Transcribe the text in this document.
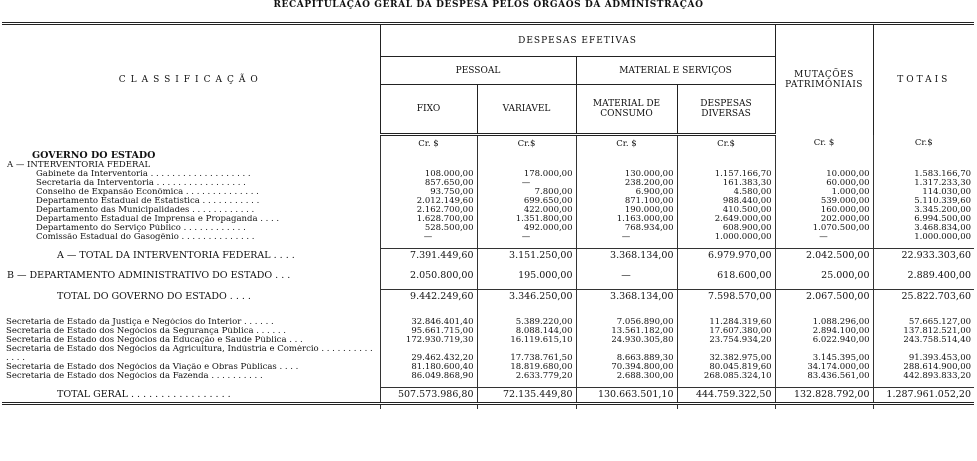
RECAPITULAÇÃO GERAL DA DESPESA PELOS ORGÃOS DA ADMINISTRAÇÃO
CLASSIFICAÇÃO	DESPESAS EFETIVAS				MUTAÇÕES PATRIMONIAIS	TOTAIS
	PESSOAL		MATERIAL E SERVIÇOS			
	FIXO	VARIAVEL	MATERIAL DE CONSUMO	DESPESAS DIVERSAS		
GOVERNO DO ESTADO	Cr. $	Cr.$	Cr. $	Cr.$	Cr. $	Cr.$
A — INTERVENTORIA FEDERAL						
Gabinete da Interventoria . . . . . . . . . . . . . . . . . . .	108.000,00	178.000,00	130.000,00	1.157.166,70	10.000,00	1.583.166,70
Secretaria da Interventoria . . . . . . . . . . . . . . . . .	857.650,00	—	238.200,00	161.383,30	60.000,00	1.317.233,30
Conselho de Expansão Econômica . . . . . . . . . . . . . .	93.750,00	7.800,00	6.900,00	4.580,00	1.000,00	114.030,00
Departamento Estadual de Estatística . . . . . . . . . . .	2.012.149,60	699.650,00	871.100,00	988.440,00	539.000,00	5.110.339,60
Departamento das Municipalidades . . . . . . . . . . . .	2.162.700,00	422.000,00	190.000,00	410.500,00	160.000,00	3.345.200,00
Departamento Estadual de Imprensa e Propaganda . . . .	1.628.700,00	1.351.800,00	1.163.000,00	2.649.000,00	202.000,00	6.994.500,00
Departamento do Serviço Público . . . . . . . . . . . .	528.500,00	492.000,00	768.934,00	608.900,00	1.070.500,00	3.468.834,00
Comissão Estadual do Gasogênio . . . . . . . . . . . . . .	—	—	—	1.000.000,00	—	1.000.000,00

A — TOTAL DA INTERVENTORIA FEDERAL . . . .	7.391.449,60	3.151.250,00	3.368.134,00	6.979.970,00	2.042.500,00	22.933.303,60

B — DEPARTAMENTO ADMINISTRATIVO DO ESTADO . . .	2.050.800,00	195.000,00	—	618.600,00	25.000,00	2.889.400,00

TOTAL DO GOVERNO DO ESTADO . . . .	9.442.249,60	3.346.250,00	3.368.134,00	7.598.570,00	2.067.500,00	25.822.703,60

Secretaria de Estado da Justiça e Negócios do Interior . . . . . .	32.846.401,40	5.389.220,00	7.056.890,00	11.284.319,60	1.088.296,00	57.665.127,00
Secretaria de Estado dos Negócios da Segurança Pública . . . . . .	95.661.715,00	8.088.144,00	13.561.182,00	17.607.380,00	2.894.100,00	137.812.521,00
Secretaria de Estado dos Negócios da Educação e Saude Pública . . .	172.930.719,30	16.119.615,10	24.930.305,80	23.754.934,20	6.022.940,00	243.758.514,40
Secretaria de Estado dos Negócios da Agricultura, Indústria e Comércio . . . . . . . . . . . . . .	29.462.432,20	17.738.761,50	8.663.889,30	32.382.975,00	3.145.395,00	91.393.453,00
Secretaria de Estado dos Negócios da Viação e Obras Públicas . . . .	81.180.600,40	18.819.680,00	70.394.800,00	80.045.819,60	34.174.000,00	288.614.900,00
Secretaria de Estado dos Negócios da Fazenda . . . . . . . . . .	86.049.868,90	2.633.779,20	2.688.300,00	268.085.324,10	83.436.561,00	442.893.833,20

TOTAL GERAL . . . . . . . . . . . . . . . . .	507.573.986,80	72.135.449,80	130.663.501,10	444.759.322,50	132.828.792,00	1.287.961.052,20
